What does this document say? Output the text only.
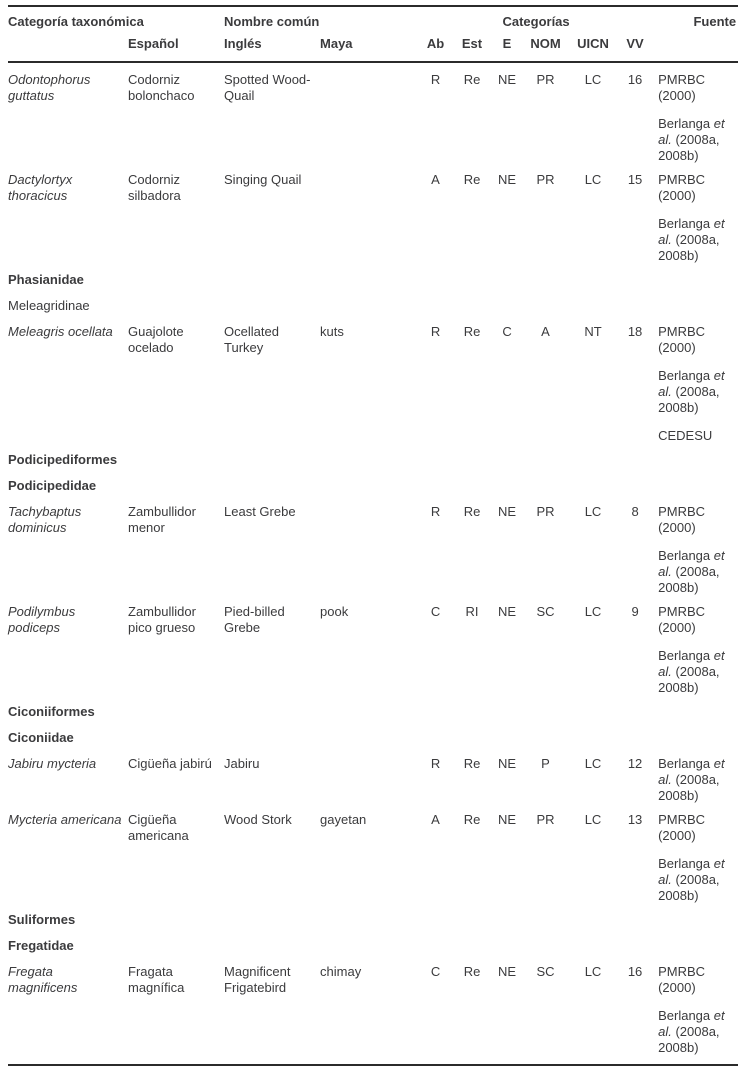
Categoría taxonómica		Nombre común		Categorías						Fuente
	Español	Inglés	Maya	Ab	Est	E	NOM	UICN	VV	
Odontophorus guttatus	Codorniz bolonchaco	Spotted Wood-Quail		R	Re	NE	PR	LC	16	PMRBC (2000)

Berlanga et al. (2008a, 2008b)

Dactylortyx thoracicus	Codorniz silbadora	Singing Quail		A	Re	NE	PR	LC	15	PMRBC (2000)

Berlanga et al. (2008a, 2008b)

Phasianidae										
Meleagridinae										
Meleagris ocellata	Guajolote ocelado	Ocellated Turkey	kuts	R	Re	C	A	NT	18	PMRBC (2000)

Berlanga et al. (2008a, 2008b)

CEDESU

Podicipediformes										
Podicipedidae										
Tachybaptus dominicus	Zambullidor menor	Least Grebe		R	Re	NE	PR	LC	8	PMRBC (2000)

Berlanga et al. (2008a, 2008b)

Podilymbus podiceps	Zambullidor pico grueso	Pied-billed Grebe	pook	C	RI	NE	SC	LC	9	PMRBC (2000)

Berlanga et al. (2008a, 2008b)

Ciconiiformes										
Ciconiidae										
Jabiru mycteria	Cigüeña jabirú	Jabiru		R	Re	NE	P	LC	12	Berlanga et al. (2008a, 2008b)

Mycteria americana	Cigüeña americana	Wood Stork	gayetan	A	Re	NE	PR	LC	13	PMRBC (2000)

Berlanga et al. (2008a, 2008b)

Suliformes										
Fregatidae										
Fregata magnificens	Fragata magnífica	Magnificent Frigatebird	chimay	C	Re	NE	SC	LC	16	PMRBC (2000)

Berlanga et al. (2008a, 2008b)
